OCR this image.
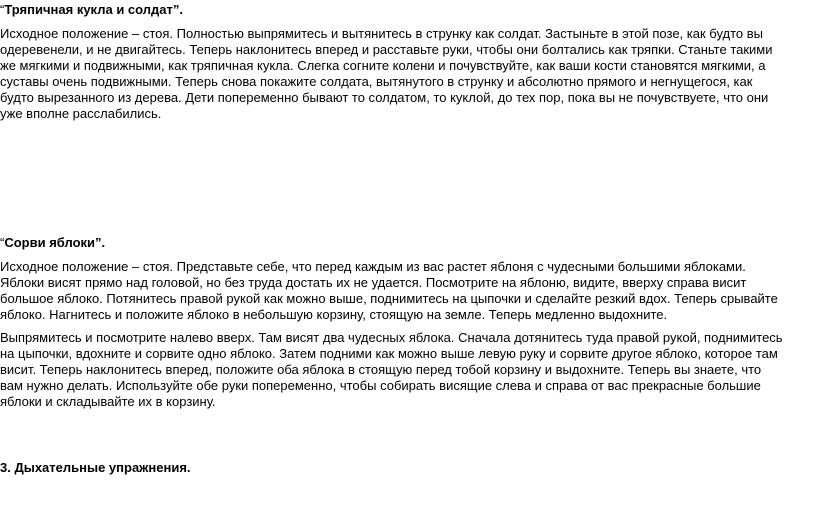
“Тряпичная кукла и солдат”.

Исходное положение – стоя. Полностью выпрямитесь и вытянитесь в струнку как солдат. Застыньте в этой позе, как будто вы
одеревенели, и не двигайтесь. Теперь наклонитесь вперед и расставьте руки, чтобы они болтались как тряпки. Станьте такими
же мягкими и подвижными, как тряпичная кукла. Слегка согните колени и почувствуйте, как ваши кости становятся мягкими, а
суставы очень подвижными. Теперь снова покажите солдата, вытянутого в струнку и абсолютно прямого и негнущегося, как
будто вырезанного из дерева. Дети попеременно бывают то солдатом, то куклой, до тех пор, пока вы не почувствуете, что они
уже вполне расслабились.

“Сорви яблоки”.

Исходное положение – стоя. Представьте себе, что перед каждым из вас растет яблоня с чудесными большими яблоками.
Яблоки висят прямо над головой, но без труда достать их не удается. Посмотрите на яблоню, видите, вверху справа висит
большое яблоко. Потянитесь правой рукой как можно выше, поднимитесь на цыпочки и сделайте резкий вдох. Теперь срывайте
яблоко. Нагнитесь и положите яблоко в небольшую корзину, стоящую на земле. Теперь медленно выдохните.

Выпрямитесь и посмотрите налево вверх. Там висят два чудесных яблока. Сначала дотянитесь туда правой рукой, поднимитесь
на цыпочки, вдохните и сорвите одно яблоко. Затем подними как можно выше левую руку и сорвите другое яблоко, которое там
висит. Теперь наклонитесь вперед, положите оба яблока в стоящую перед тобой корзину и выдохните. Теперь вы знаете, что
вам нужно делать. Используйте обе руки попеременно, чтобы собирать висящие слева и справа от вас прекрасные большие
яблоки и складывайте их в корзину.

3. Дыхательные упражнения.
